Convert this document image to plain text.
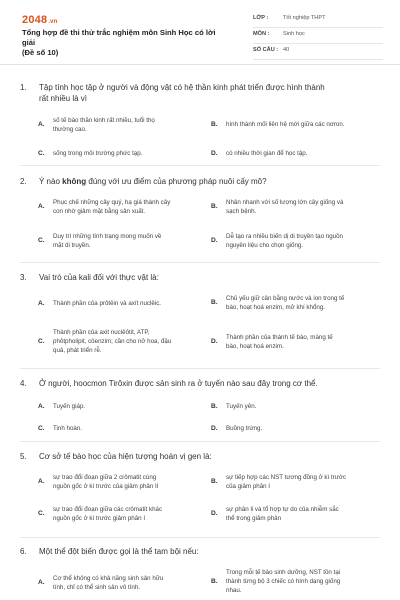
2048.vn
Tổng hợp đề thi thử trắc nghiệm môn Sinh Học có lời giải
(Đề số 10)
LỚP :	Tốt nghiệp THPT
MÔN : Sinh học
SỐ CÂU : 40
1. Tập tính học tập ở người và động vật có hệ thần kinh phát triển được hình thành
rất nhiều là vì
A.
số tế bào thần kinh rất nhiều, tuổi thọ
thường cao.
B. hình thành mối liên hệ mới giữa các nơron.
C. sống trong môi trường phức tạp.	D. có nhiều thời gian để học tập.
2. Ý nào không đúng với ưu điểm của phương pháp nuôi cấy mô?
A.
Phục chế những cây quý, hạ giá thành cây
con nhờ giảm mặt bằng sản xuất.
B.
Nhân nhanh với số lượng lớn cây giống và
sạch bệnh.
C.
Duy trì những tính trạng mong muốn về
mặt di truyền.
D.
Dễ tạo ra nhiều biến dị di truyền tạo nguồn
nguyên liệu cho chọn giống.
3. Vai trò của kali đối với thực vật là:
A. Thành phần của prôtêin và axít nuclêic.	B.
Chủ yếu giữ cân bằng nước và ion trong tế
bào, hoạt hoá enzim, mở khí khổng.
C.
Thành phần của axit nuclêôtit, ATP,
phôtpholipit, côenzim; cần cho nở hoa, đậu
quả, phát triển rễ.
D.
Thành phần của thành tế bào, màng tế
bào, hoạt hoá enzim.
4. Ở người, hoocmon Tirôxin được sản sinh ra ở tuyến nào sau đây trong cơ thể.
A. Tuyến giáp.	B. Tuyến yên.
C. Tinh hoàn.	D. Buồng trứng.
5. Cơ sở tế bào học của hiện tượng hoán vị gen là:
A.
sự trao đổi đoạn giữa 2 crômatit cùng
nguồn gốc ở kì trước của giảm phân II
B.
sự tiếp hợp các NST tương đồng ở kì trước
của giảm phân I
C.
sự trao đổi đoạn giữa các crômatit khác
nguồn gốc ở kì trước giảm phân I
D.
sự phân li và tổ hợp tự do của nhiễm sắc
thể trong giảm phân
6. Một thể đột biến được gọi là thể tam bội nếu:
A.
Cơ thể không có khả năng sinh sản hữu
tính, chỉ có thể sinh sản vô tính.
B.
Trong mỗi tế bào sinh dưỡng, NST tồn tại
thành từng bộ 3 chiếc có hình dạng giống
nhau.
